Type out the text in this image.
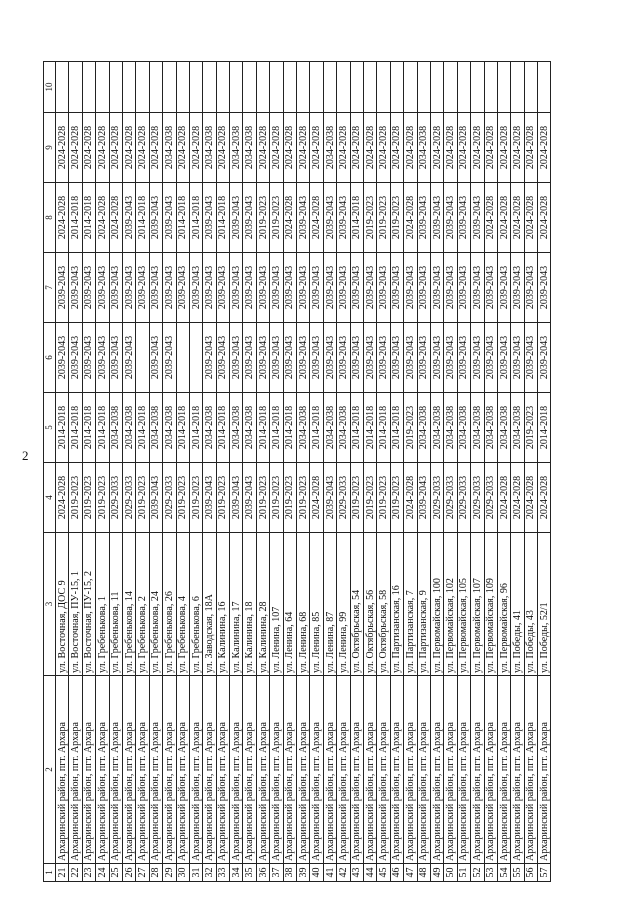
2
1	2	3	4	5	6	7	8	9	10
21	Архаринский район, пгт. Архара	ул. Восточная, ДОС 9	2024-2028	2014-2018	2039-2043	2039-2043	2024-2028	2024-2028	
22	Архаринский район, пгт. Архара	ул. Восточная, ПУ-15, 1	2019-2023	2014-2018	2039-2043	2039-2043	2014-2018	2024-2028	
23	Архаринский район, пгт. Архара	ул. Восточная, ПУ-15, 2	2019-2023	2014-2018	2039-2043	2039-2043	2014-2018	2024-2028	
24	Архаринский район, пгт. Архара	ул. Гребенькова, 1	2019-2023	2014-2018	2039-2043	2039-2043	2024-2028	2024-2028	
25	Архаринский район, пгт. Архара	ул. Гребенькова, 11	2029-2033	2034-2038	2039-2043	2039-2043	2024-2028	2024-2028	
26	Архаринский район, пгт. Архара	ул. Гребенькова, 14	2029-2033	2034-2038	2039-2043	2039-2043	2039-2043	2024-2028	
27	Архаринский район, пгт. Архара	ул. Гребенькова, 2	2019-2023	2014-2018		2039-2043	2014-2018	2024-2028	
28	Архаринский район, пгт. Архара	ул. Гребенькова, 24	2039-2043	2034-2038	2039-2043	2039-2043	2039-2043	2024-2028	
29	Архаринский район, пгт. Архара	ул. Гребенькова, 26	2029-2033	2034-2038	2039-2043	2039-2043	2039-2043	2034-2038	
30	Архаринский район, пгт. Архара	ул. Гребенькова, 4	2019-2023	2014-2018		2039-2043	2014-2018	2024-2028	
31	Архаринский район, пгт. Архара	ул. Гребенькова, 6	2019-2023	2014-2018		2039-2043	2014-2018	2024-2028	
32	Архаринский район, пгт. Архара	ул. Заводская, 18А	2039-2043	2034-2038	2039-2043	2039-2043	2039-2043	2034-2038	
33	Архаринский район, пгт. Архара	ул. Калинина, 16	2019-2023	2014-2018	2039-2043	2039-2043	2014-2018	2024-2028	
34	Архаринский район, пгт. Архара	ул. Калинина, 17	2039-2043	2034-2038	2039-2043	2039-2043	2039-2043	2034-2038	
35	Архаринский район, пгт. Архара	ул. Калинина, 18	2039-2043	2034-2038	2039-2043	2039-2043	2039-2043	2034-2038	
36	Архаринский район, пгт. Архара	ул. Калинина, 28	2019-2023	2014-2018	2039-2043	2039-2043	2019-2023	2024-2028	
37	Архаринский район, пгт. Архара	ул. Ленина, 107	2019-2023	2014-2018	2039-2043	2039-2043	2019-2023	2024-2028	
38	Архаринский район, пгт. Архара	ул. Ленина, 64	2019-2023	2014-2018	2039-2043	2039-2043	2024-2028	2024-2028	
39	Архаринский район, пгт. Архара	ул. Ленина, 68	2019-2023	2034-2038	2039-2043	2039-2043	2039-2043	2024-2028	
40	Архаринский район, пгт. Архара	ул. Ленина, 85	2024-2028	2014-2018	2039-2043	2039-2043	2024-2028	2024-2028	
41	Архаринский район, пгт. Архара	ул. Ленина, 87	2039-2043	2034-2038	2039-2043	2039-2043	2039-2043	2034-2038	
42	Архаринский район, пгт. Архара	ул. Ленина, 99	2029-2033	2034-2038	2039-2043	2039-2043	2039-2043	2024-2028	
43	Архаринский район, пгт. Архара	ул. Октябрьская, 54	2019-2023	2014-2018	2039-2043	2039-2043	2014-2018	2024-2028	
44	Архаринский район, пгт. Архара	ул. Октябрьская, 56	2019-2023	2014-2018	2039-2043	2039-2043	2019-2023	2024-2028	
45	Архаринский район, пгт. Архара	ул. Октябрьская, 58	2019-2023	2014-2018	2039-2043	2039-2043	2019-2023	2024-2028	
46	Архаринский район, пгт. Архара	ул. Партизанская, 16	2019-2023	2014-2018	2039-2043	2039-2043	2019-2023	2024-2028	
47	Архаринский район, пгт. Архара	ул. Партизанская, 7	2024-2028	2019-2023	2039-2043	2039-2043	2024-2028	2024-2028	
48	Архаринский район, пгт. Архара	ул. Партизанская, 9	2039-2043	2034-2038	2039-2043	2039-2043	2039-2043	2034-2038	
49	Архаринский район, пгт. Архара	ул. Первомайская, 100	2029-2033	2034-2038	2039-2043	2039-2043	2039-2043	2024-2028	
50	Архаринский район, пгт. Архара	ул. Первомайская, 102	2029-2033	2034-2038	2039-2043	2039-2043	2039-2043	2024-2028	
51	Архаринский район, пгт. Архара	ул. Первомайская, 105	2029-2033	2034-2038	2039-2043	2039-2043	2039-2043	2024-2028	
52	Архаринский район, пгт. Архара	ул. Первомайская, 107	2029-2033	2034-2038	2039-2043	2039-2043	2039-2043	2024-2028	
53	Архаринский район, пгт. Архара	ул. Первомайская, 109	2029-2033	2034-2038	2039-2043	2039-2043	2024-2028	2024-2028	
54	Архаринский район, пгт. Архара	ул. Первомайская, 96	2024-2028	2034-2038	2039-2043	2039-2043	2024-2028	2024-2028	
55	Архаринский район, пгт. Архара	ул. Победы, 41	2024-2028	2034-2038	2039-2043	2039-2043	2024-2028	2024-2028	
56	Архаринский район, пгт. Архара	ул. Победы, 43	2024-2028	2019-2023	2039-2043	2039-2043	2024-2028	2024-2028	
57	Архаринский район, пгт. Архара	ул. Победы, 52/1	2024-2028	2014-2018	2039-2043	2039-2043	2024-2028	2024-2028	
